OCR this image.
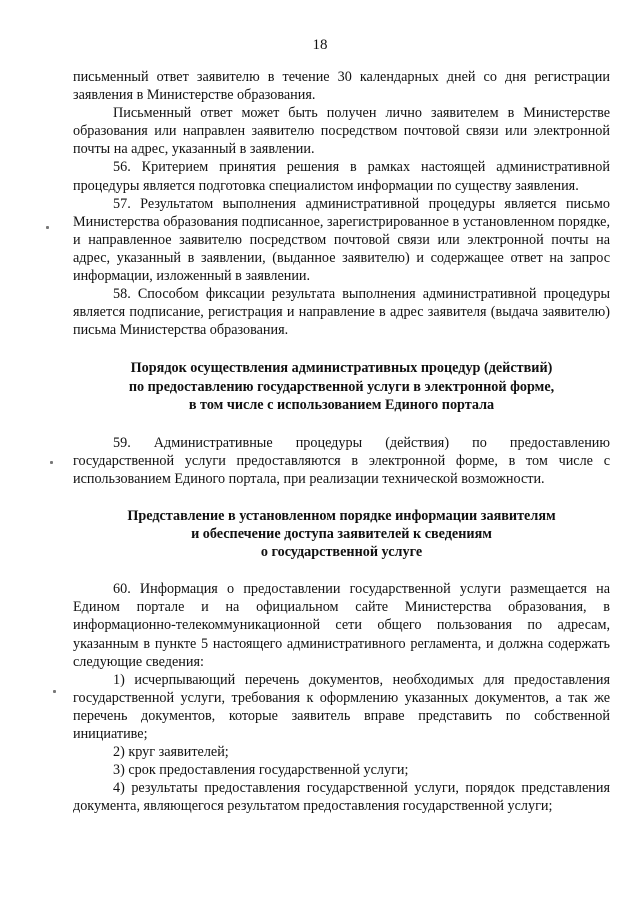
18

письменный ответ заявителю в течение 30 календарных дней со дня регистрации заявления в Министерстве образования.

Письменный ответ может быть получен лично заявителем в Министерстве образования или направлен заявителю посредством почтовой связи или электронной почты на адрес, указанный в заявлении.

56. Критерием принятия решения в рамках настоящей административной процедуры является подготовка специалистом информации по существу заявления.

57. Результатом выполнения административной процедуры является письмо Министерства образования подписанное, зарегистрированное в установленном порядке, и направленное заявителю посредством почтовой связи или электронной почты на адрес, указанный в заявлении, (выданное заявителю) и содержащее ответ на запрос информации, изложенный в заявлении.

58. Способом фиксации результата выполнения административной процедуры является подписание, регистрация и направление в адрес заявителя (выдача заявителю) письма Министерства образования.

Порядок осуществления административных процедур (действий)
по предоставлению государственной услуги в электронной форме,
в том числе с использованием Единого портала

59. Административные процедуры (действия) по предоставлению государственной услуги предоставляются в электронной форме, в том числе с использованием Единого портала, при реализации технической возможности.

Представление в установленном порядке информации заявителям
и обеспечение доступа заявителей к сведениям
о государственной услуге

60. Информация о предоставлении государственной услуги размещается на Едином портале и на официальном сайте Министерства образования, в информационно-телекоммуникационной сети общего пользования по адресам, указанным в пункте 5 настоящего административного регламента, и должна содержать следующие сведения:

1) исчерпывающий перечень документов, необходимых для предоставления государственной услуги, требования к оформлению указанных документов, а так же перечень документов, которые заявитель вправе представить по собственной инициативе;

2) круг заявителей;

3) срок предоставления государственной услуги;

4) результаты предоставления государственной услуги, порядок представления документа, являющегося результатом предоставления государственной услуги;
